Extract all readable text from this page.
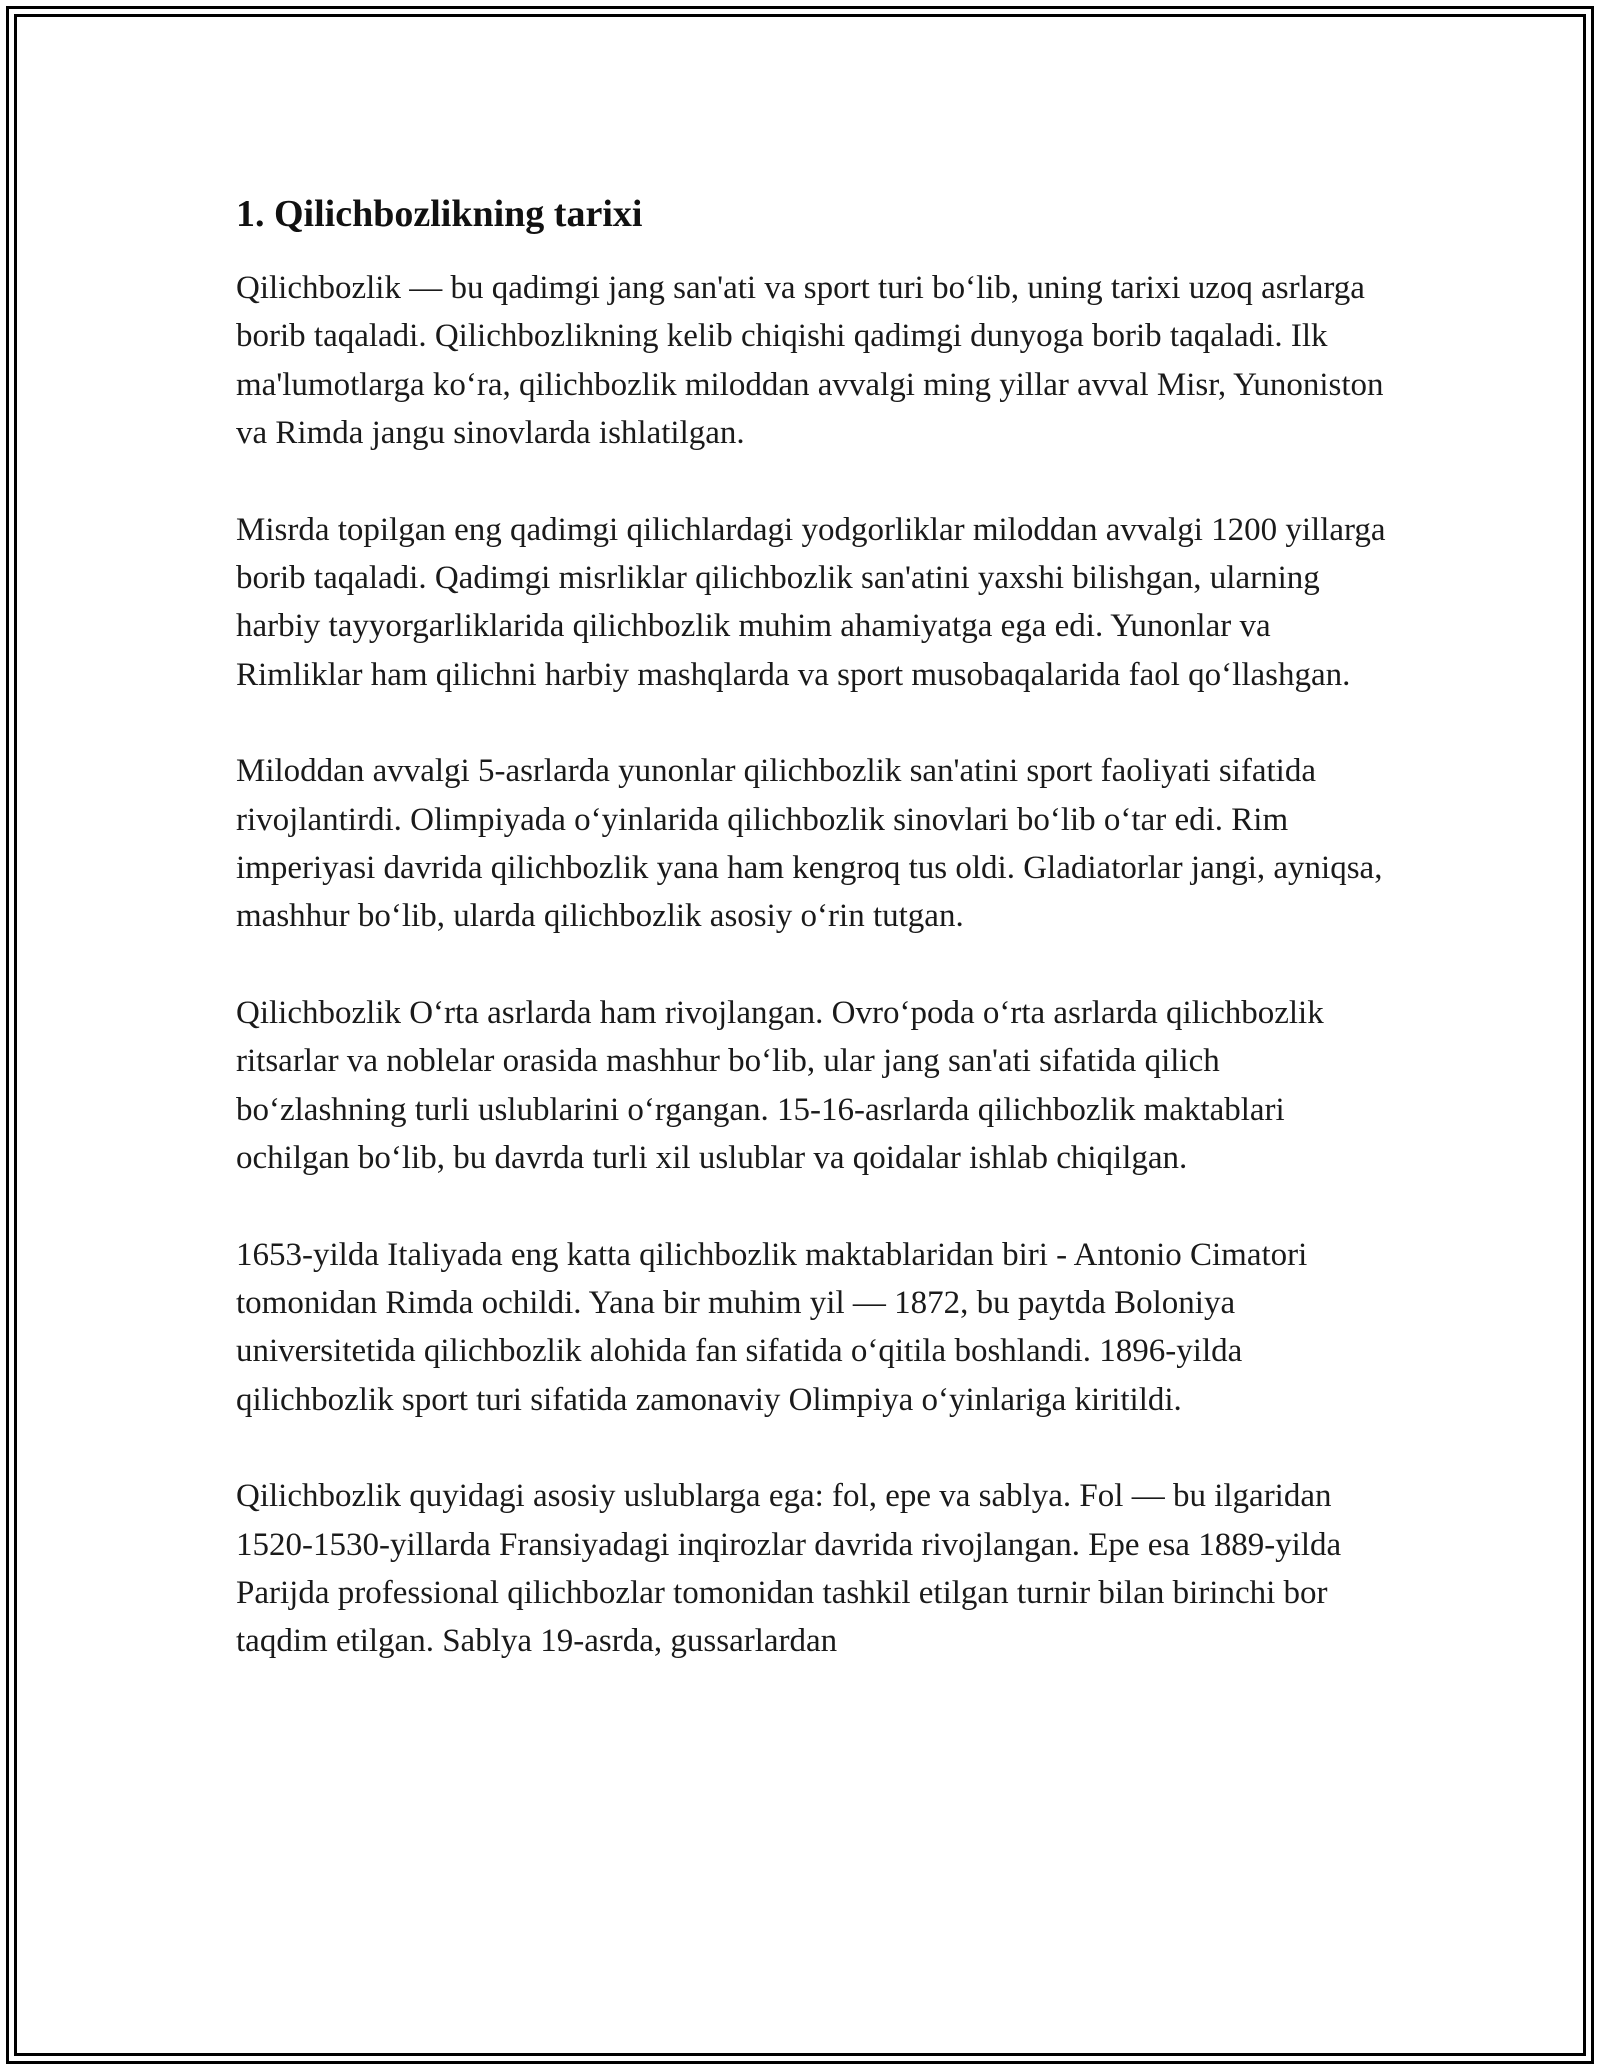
1. Qilichbozlikning tarixi

Qilichbozlik — bu qadimgi jang san'ati va sport turi bo‘lib, uning tarixi uzoq asrlarga borib taqaladi. Qilichbozlikning kelib chiqishi qadimgi dunyoga borib taqaladi. Ilk ma'lumotlarga ko‘ra, qilichbozlik miloddan avvalgi ming yillar avval Misr, Yunoniston va Rimda jangu sinovlarda ishlatilgan.

Misrda topilgan eng qadimgi qilichlardagi yodgorliklar miloddan avvalgi 1200 yillarga borib taqaladi. Qadimgi misrliklar qilichbozlik san'atini yaxshi bilishgan, ularning harbiy tayyorgarliklarida qilichbozlik muhim ahamiyatga ega edi. Yunonlar va Rimliklar ham qilichni harbiy mashqlarda va sport musobaqalarida faol qo‘llashgan.

Miloddan avvalgi 5-asrlarda yunonlar qilichbozlik san'atini sport faoliyati sifatida rivojlantirdi. Olimpiyada o‘yinlarida qilichbozlik sinovlari bo‘lib o‘tar edi. Rim imperiyasi davrida qilichbozlik yana ham kengroq tus oldi. Gladiatorlar jangi, ayniqsa, mashhur bo‘lib, ularda qilichbozlik asosiy o‘rin tutgan.

Qilichbozlik O‘rta asrlarda ham rivojlangan. Ovro‘poda o‘rta asrlarda qilichbozlik ritsarlar va noblelar orasida mashhur bo‘lib, ular jang san'ati sifatida qilich bo‘zlashning turli uslublarini o‘rgangan. 15-16-asrlarda qilichbozlik maktablari ochilgan bo‘lib, bu davrda turli xil uslublar va qoidalar ishlab chiqilgan.

1653-yilda Italiyada eng katta qilichbozlik maktablaridan biri - Antonio Cimatori tomonidan Rimda ochildi. Yana bir muhim yil — 1872, bu paytda Boloniya universitetida qilichbozlik alohida fan sifatida o‘qitila boshlandi. 1896-yilda qilichbozlik sport turi sifatida zamonaviy Olimpiya o‘yinlariga kiritildi.

Qilichbozlik quyidagi asosiy uslublarga ega: fol, epe va sablya. Fol — bu ilgaridan 1520-1530-yillarda Fransiyadagi inqirozlar davrida rivojlangan. Epe esa 1889-yilda Parijda professional qilichbozlar tomonidan tashkil etilgan turnir bilan birinchi bor taqdim etilgan. Sablya 19-asrda, gussarlardan
